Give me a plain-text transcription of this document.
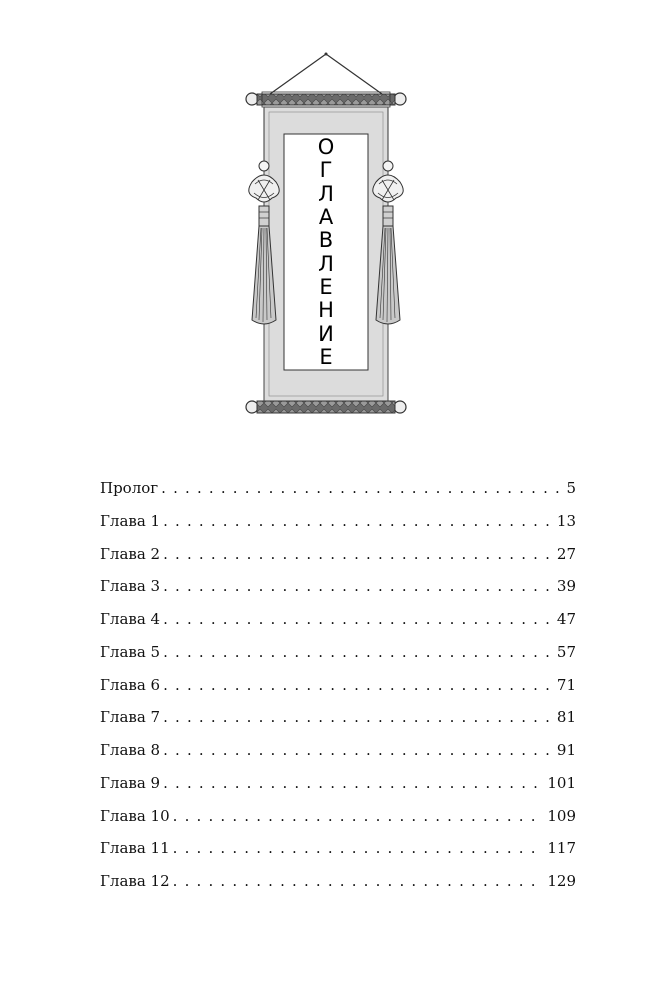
О
Г
Л
А
В
Л
Е
Н
И
Е
Пролог . . .	5
Глава 1 . . .	13
Глава 2 . . .	27
Глава 3 . . .	39
Глава 4 . . .	47
Глава 5 . . .	57
Глава 6 . . .	71
Глава 7 . . .	81
Глава 8 . . .	91
Глава 9 . . .	101
Глава 10 . . .	109
Глава 11 . . .	117
Глава 12 . . .	129
